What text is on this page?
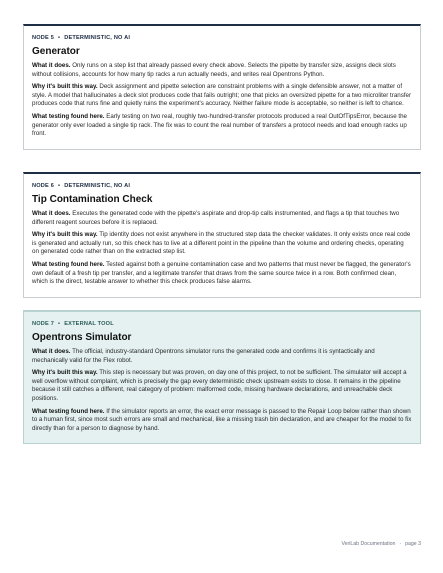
NODE 5 • DETERMINISTIC, NO AI
Generator

What it does. Only runs on a step list that already passed every check above. Selects the pipette by transfer size, assigns deck slots without collisions, accounts for how many tip racks a run actually needs, and writes real Opentrons Python.

Why it's built this way. Deck assignment and pipette selection are constraint problems with a single defensible answer, not a matter of style. A model that hallucinates a deck slot produces code that fails outright; one that picks an oversized pipette for a two microliter transfer produces code that runs fine and quietly ruins the experiment's accuracy. Neither failure mode is acceptable, so neither is left to chance.

What testing found here. Early testing on two real, roughly two-hundred-transfer protocols produced a real OutOfTipsError, because the generator only ever loaded a single tip rack. The fix was to count the real number of transfers a protocol needs and load enough racks up front.

NODE 6 • DETERMINISTIC, NO AI
Tip Contamination Check

What it does. Executes the generated code with the pipette's aspirate and drop-tip calls instrumented, and flags a tip that touches two different reagent sources before it is replaced.

Why it's built this way. Tip identity does not exist anywhere in the structured step data the checker validates. It only exists once real code is generated and actually run, so this check has to live at a different point in the pipeline than the volume and ordering checks, operating on generated code rather than on the extracted step list.

What testing found here. Tested against both a genuine contamination case and two patterns that must never be flagged, the generator's own default of a fresh tip per transfer, and a legitimate transfer that draws from the same source twice in a row. Both confirmed clean, which is the direct, testable answer to whether this check produces false alarms.

NODE 7 • EXTERNAL TOOL
Opentrons Simulator

What it does. The official, industry-standard Opentrons simulator runs the generated code and confirms it is syntactically and mechanically valid for the Flex robot.

Why it's built this way. This step is necessary but was proven, on day one of this project, to not be sufficient. The simulator will accept a well overflow without complaint, which is precisely the gap every deterministic check upstream exists to close. It remains in the pipeline because it still catches a different, real category of problem: malformed code, missing hardware declarations, and unreachable deck positions.

What testing found here. If the simulator reports an error, the exact error message is passed to the Repair Loop below rather than shown to a human first, since most such errors are small and mechanical, like a missing trash bin declaration, and are cheaper for the model to fix directly than for a person to diagnose by hand.

VeriLab Documentation · page 3
